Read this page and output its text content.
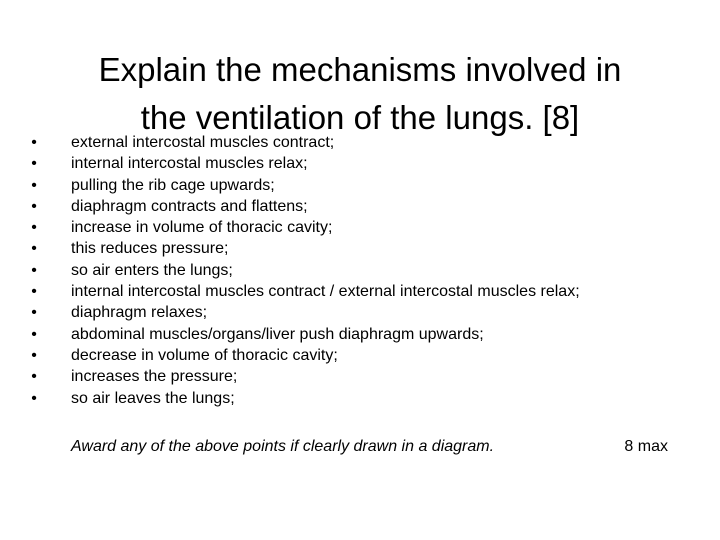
Explain the mechanisms involved in
the ventilation of the lungs. [8]
• external intercostal muscles contract;
• internal intercostal muscles relax;
• pulling the rib cage upwards;
• diaphragm contracts and flattens;
• increase in volume of thoracic cavity;
• this reduces pressure;
• so air enters the lungs;
• internal intercostal muscles contract / external intercostal muscles relax;
• diaphragm relaxes;
• abdominal muscles/organs/liver push diaphragm upwards;
• decrease in volume of thoracic cavity;
• increases the pressure;
• so air leaves the lungs;
Award any of the above points if clearly drawn in a diagram.	8 max
